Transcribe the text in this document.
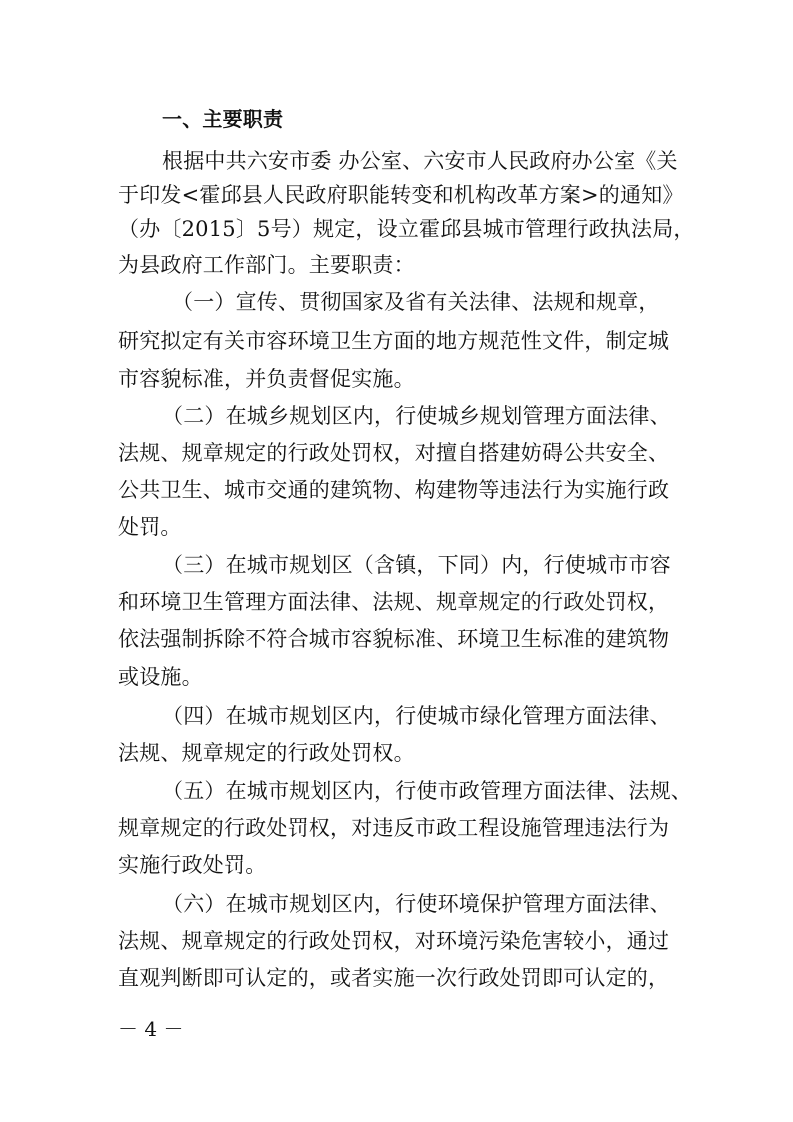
一、主要职责
根据中共六安市委 办公室、六安市人民政府办公室《关
于印发<霍邱县人民政府职能转变和机构改革方案>的通知》
（办〔2015〕5号）规定，设立霍邱县城市管理行政执法局，
为县政府工作部门。主要职责：
（一）宣传、贯彻国家及省有关法律、法规和规章，
研究拟定有关市容环境卫生方面的地方规范性文件，制定城
市容貌标准，并负责督促实施。
（二）在城乡规划区内，行使城乡规划管理方面法律、
法规、规章规定的行政处罚权，对擅自搭建妨碍公共安全、
公共卫生、城市交通的建筑物、构建物等违法行为实施行政
处罚。
（三）在城市规划区（含镇，下同）内，行使城市市容
和环境卫生管理方面法律、法规、规章规定的行政处罚权，
依法强制拆除不符合城市容貌标准、环境卫生标准的建筑物
或设施。
（四）在城市规划区内，行使城市绿化管理方面法律、
法规、规章规定的行政处罚权。
（五）在城市规划区内，行使市政管理方面法律、法规、
规章规定的行政处罚权，对违反市政工程设施管理违法行为
实施行政处罚。
（六）在城市规划区内，行使环境保护管理方面法律、
法规、规章规定的行政处罚权，对环境污染危害较小，通过
直观判断即可认定的，或者实施一次行政处罚即可认定的，
－ 4 －
